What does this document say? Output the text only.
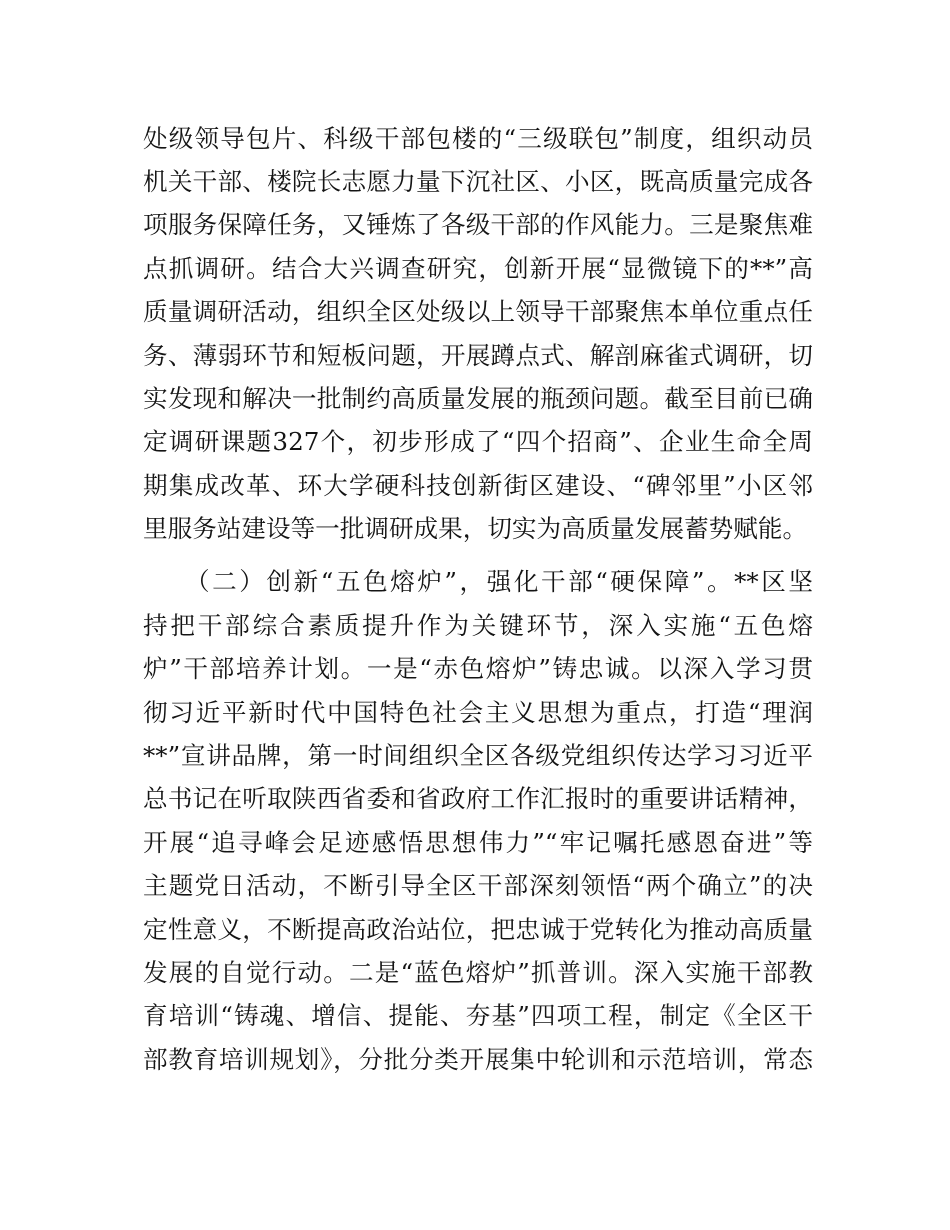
处级领导包片、科级干部包楼的“三级联包”制度，组织动员
机关干部、楼院长志愿力量下沉社区、小区，既高质量完成各
项服务保障任务，又锤炼了各级干部的作风能力。三是聚焦难
点抓调研。结合大兴调查研究，创新开展“显微镜下的**”高
质量调研活动，组织全区处级以上领导干部聚焦本单位重点任
务、薄弱环节和短板问题，开展蹲点式、解剖麻雀式调研，切
实发现和解决一批制约高质量发展的瓶颈问题。截至目前已确
定调研课题327个，初步形成了“四个招商”、企业生命全周
期集成改革、环大学硬科技创新街区建设、“碑邻里”小区邻
里服务站建设等一批调研成果，切实为高质量发展蓄势赋能。
（二）创新“五色熔炉”，强化干部“硬保障”。**区坚
持把干部综合素质提升作为关键环节，深入实施“五色熔
炉”干部培养计划。一是“赤色熔炉”铸忠诚。以深入学习贯
彻习近平新时代中国特色社会主义思想为重点，打造“理润
**”宣讲品牌，第一时间组织全区各级党组织传达学习习近平
总书记在听取陕西省委和省政府工作汇报时的重要讲话精神，
开展“追寻峰会足迹感悟思想伟力”“牢记嘱托感恩奋进”等
主题党日活动，不断引导全区干部深刻领悟“两个确立”的决
定性意义，不断提高政治站位，把忠诚于党转化为推动高质量
发展的自觉行动。二是“蓝色熔炉”抓普训。深入实施干部教
育培训“铸魂、增信、提能、夯基”四项工程，制定《全区干
部教育培训规划》，分批分类开展集中轮训和示范培训，常态
